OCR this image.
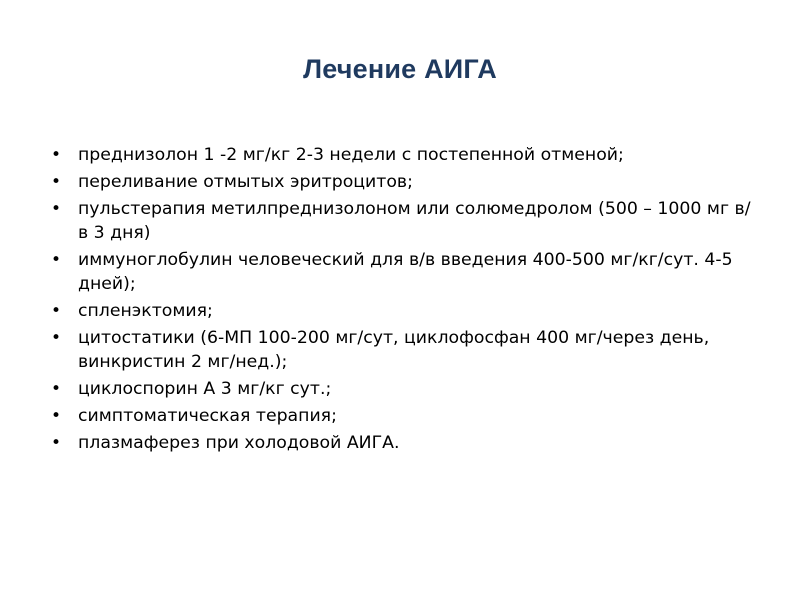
Лечение АИГА
• преднизолон 1 -2 мг/кг 2-3 недели с постепенной отменой;
• переливание отмытых эритроцитов;
• пульстерапия метилпреднизолоном или солюмедролом (500 – 1000 мг в/в 3 дня)
• иммуноглобулин человеческий для в/в введения 400-500 мг/кг/сут. 4-5 дней);
• спленэктомия;
• цитостатики (6-МП 100-200 мг/сут, циклофосфан 400 мг/через день, винкристин 2 мг/нед.);
• циклоспорин А 3 мг/кг сут.;
• симптоматическая терапия;
• плазмаферез при холодовой АИГА.
